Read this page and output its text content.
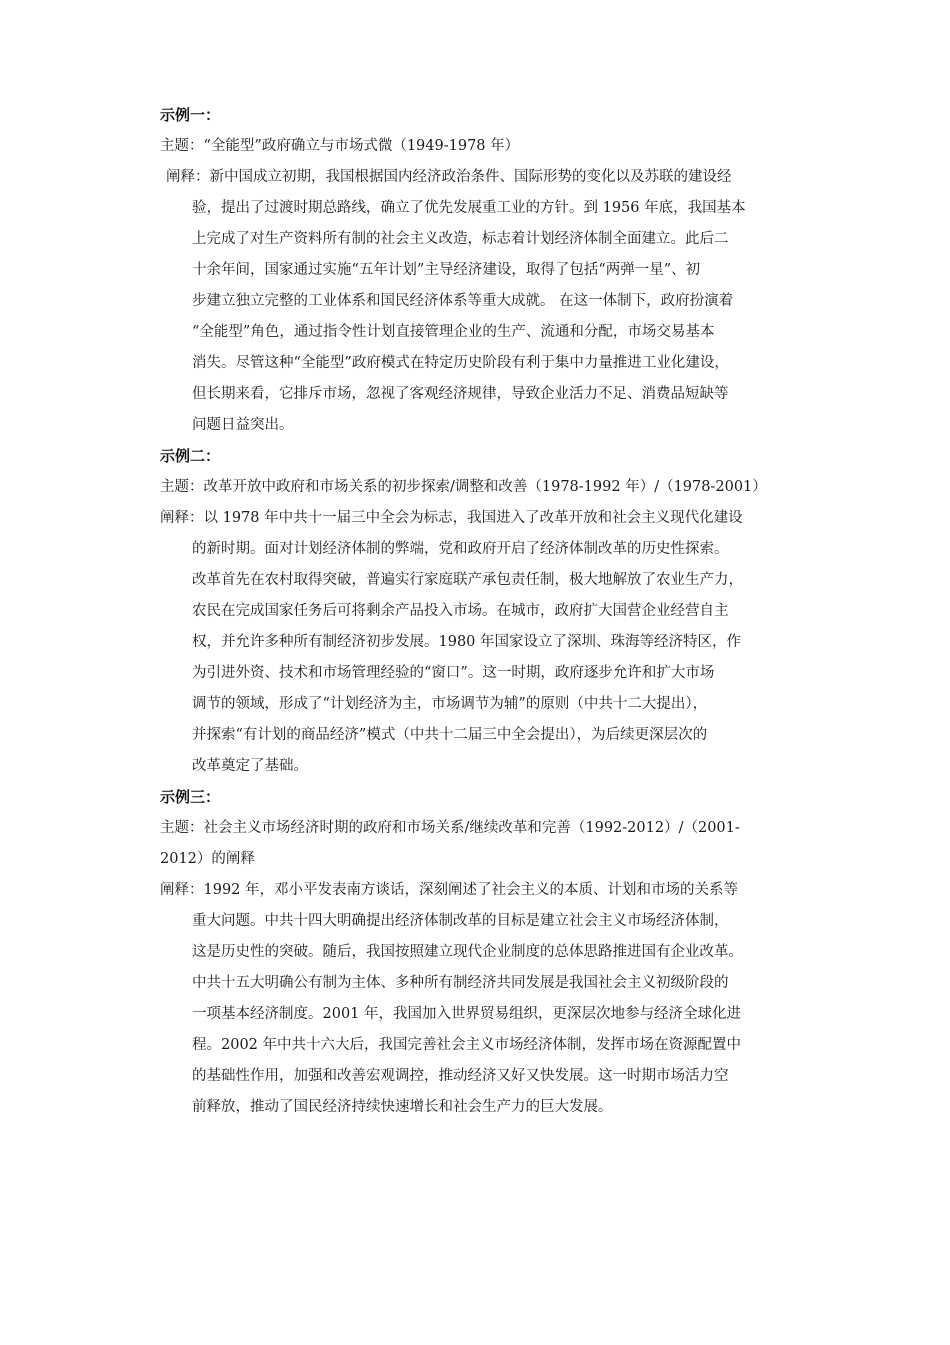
示例一：
主题：“全能型”政府确立与市场式微（1949-1978 年）
阐释：新中国成立初期，我国根据国内经济政治条件、国际形势的变化以及苏联的建设经
验，提出了过渡时期总路线，确立了优先发展重工业的方针。到 1956 年底，我国基本
上完成了对生产资料所有制的社会主义改造，标志着计划经济体制全面建立。此后二
十余年间，国家通过实施“五年计划”主导经济建设，取得了包括“两弹一星”、初
步建立独立完整的工业体系和国民经济体系等重大成就。 在这一体制下，政府扮演着
“全能型”角色，通过指令性计划直接管理企业的生产、流通和分配，市场交易基本
消失。尽管这种“全能型”政府模式在特定历史阶段有利于集中力量推进工业化建设，
但长期来看，它排斥市场，忽视了客观经济规律，导致企业活力不足、消费品短缺等
问题日益突出。
示例二：
主题：改革开放中政府和市场关系的初步探索/调整和改善（1978-1992 年）/（1978-2001）
阐释：以 1978 年中共十一届三中全会为标志，我国进入了改革开放和社会主义现代化建设
的新时期。面对计划经济体制的弊端，党和政府开启了经济体制改革的历史性探索。
改革首先在农村取得突破，普遍实行家庭联产承包责任制，极大地解放了农业生产力，
农民在完成国家任务后可将剩余产品投入市场。在城市，政府扩大国营企业经营自主
权，并允许多种所有制经济初步发展。1980 年国家设立了深圳、珠海等经济特区，作
为引进外资、技术和市场管理经验的“窗口”。这一时期，政府逐步允许和扩大市场
调节的领域，形成了“计划经济为主，市场调节为辅”的原则（中共十二大提出），
并探索“有计划的商品经济”模式（中共十二届三中全会提出），为后续更深层次的
改革奠定了基础。
示例三：
主题：社会主义市场经济时期的政府和市场关系/继续改革和完善（1992-2012）/（2001-
2012）的阐释
阐释：1992 年，邓小平发表南方谈话，深刻阐述了社会主义的本质、计划和市场的关系等
重大问题。中共十四大明确提出经济体制改革的目标是建立社会主义市场经济体制，
这是历史性的突破。随后，我国按照建立现代企业制度的总体思路推进国有企业改革。
中共十五大明确公有制为主体、多种所有制经济共同发展是我国社会主义初级阶段的
一项基本经济制度。2001 年，我国加入世界贸易组织，更深层次地参与经济全球化进
程。2002 年中共十六大后，我国完善社会主义市场经济体制，发挥市场在资源配置中
的基础性作用，加强和改善宏观调控，推动经济又好又快发展。这一时期市场活力空
前释放，推动了国民经济持续快速增长和社会生产力的巨大发展。
